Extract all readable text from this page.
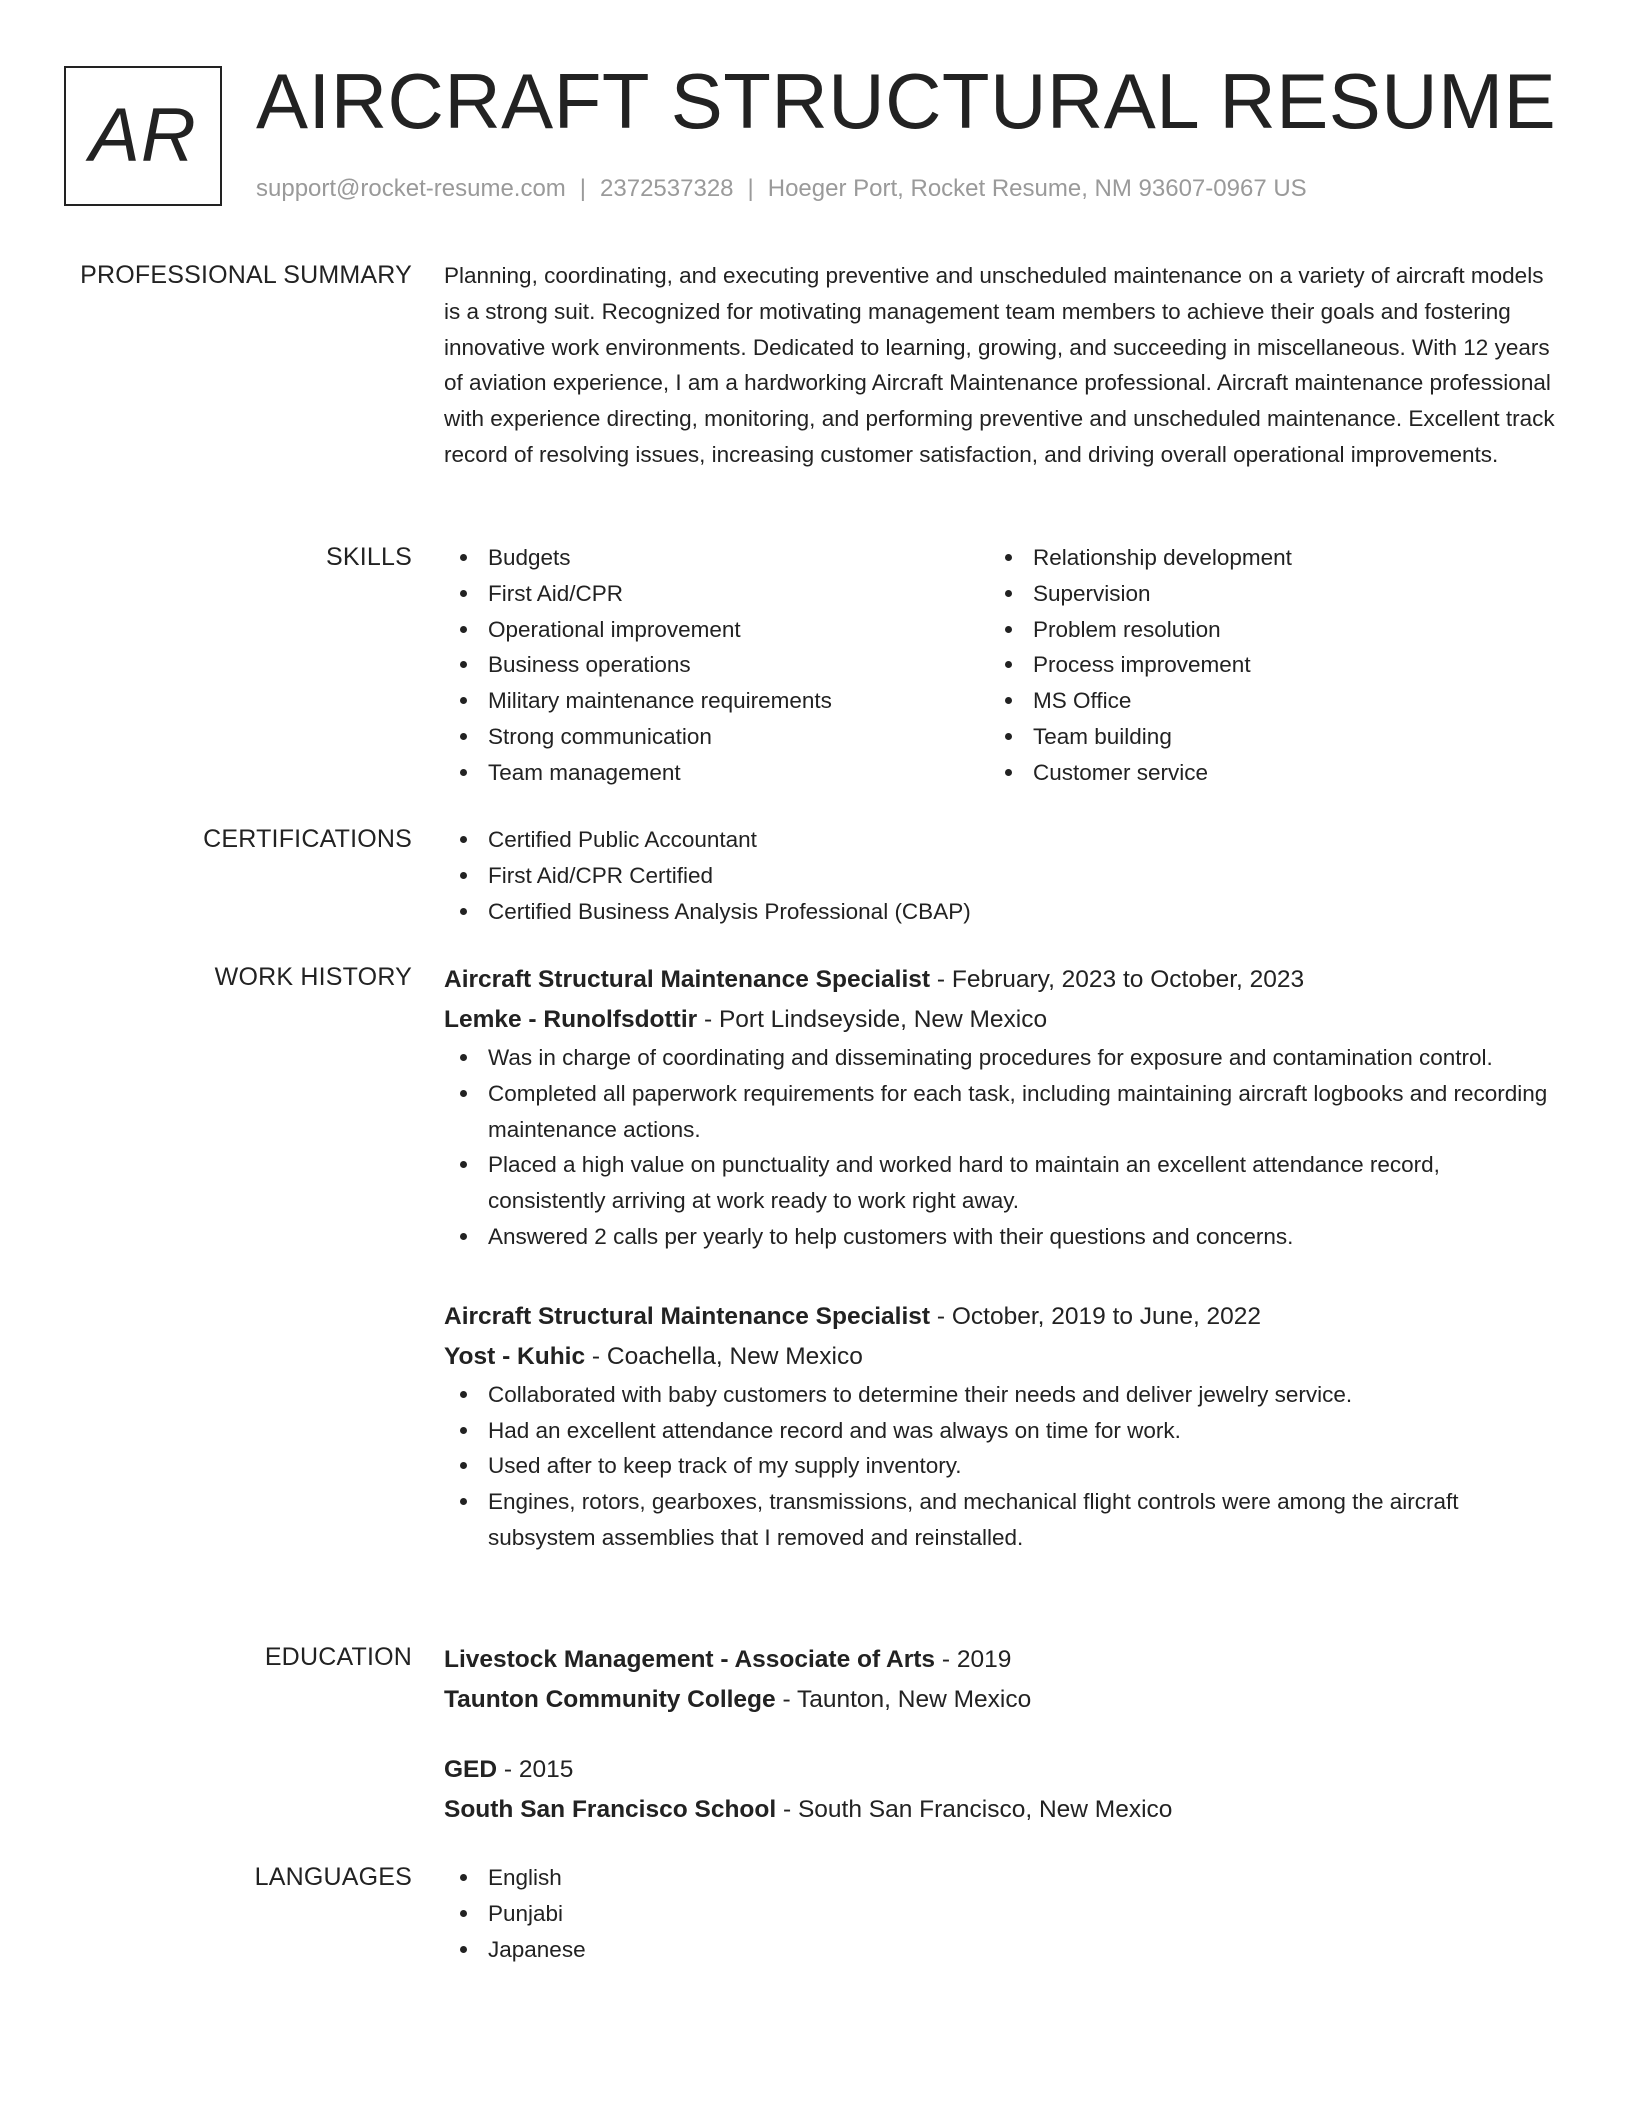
AR AIRCRAFT STRUCTURAL RESUME
support@rocket-resume.com | 2372537328 | Hoeger Port, Rocket Resume, NM 93607-0967 US
PROFESSIONAL SUMMARY Planning, coordinating, and executing preventive and unscheduled maintenance on a variety of aircraft models is a strong suit. Recognized for motivating management team members to achieve their goals and fostering innovative work environments. Dedicated to learning, growing, and succeeding in miscellaneous. With 12 years of aviation experience, I am a hardworking Aircraft Maintenance professional. Aircraft maintenance professional with experience directing, monitoring, and performing preventive and unscheduled maintenance. Excellent track record of resolving issues, increasing customer satisfaction, and driving overall operational improvements.

SKILLS	Budgets
First Aid/CPR
Operational improvement
Business operations
Military maintenance requirements
Strong communication
Team management
Relationship development
Supervision
Problem resolution
Process improvement
MS Office
Team building
Customer service
CERTIFICATIONS	Certified Public Accountant
First Aid/CPR Certified
Certified Business Analysis Professional (CBAP)
WORK HISTORY Aircraft Structural Maintenance Specialist - February, 2023 to October, 2023
Lemke - Runolfsdottir - Port Lindseyside, New Mexico
Was in charge of coordinating and disseminating procedures for exposure and contamination control.
Completed all paperwork requirements for each task, including maintaining aircraft logbooks and recording maintenance actions.
Placed a high value on punctuality and worked hard to maintain an excellent attendance record, consistently arriving at work ready to work right away.
Answered 2 calls per yearly to help customers with their questions and concerns.
Aircraft Structural Maintenance Specialist - October, 2019 to June, 2022
Yost - Kuhic - Coachella, New Mexico
Collaborated with baby customers to determine their needs and deliver jewelry service.
Had an excellent attendance record and was always on time for work.
Used after to keep track of my supply inventory.
Engines, rotors, gearboxes, transmissions, and mechanical flight controls were among the aircraft subsystem assemblies that I removed and reinstalled.
EDUCATION Livestock Management - Associate of Arts - 2019
Taunton Community College - Taunton, New Mexico
GED - 2015
South San Francisco School - South San Francisco, New Mexico
LANGUAGES	English
Punjabi
Japanese
